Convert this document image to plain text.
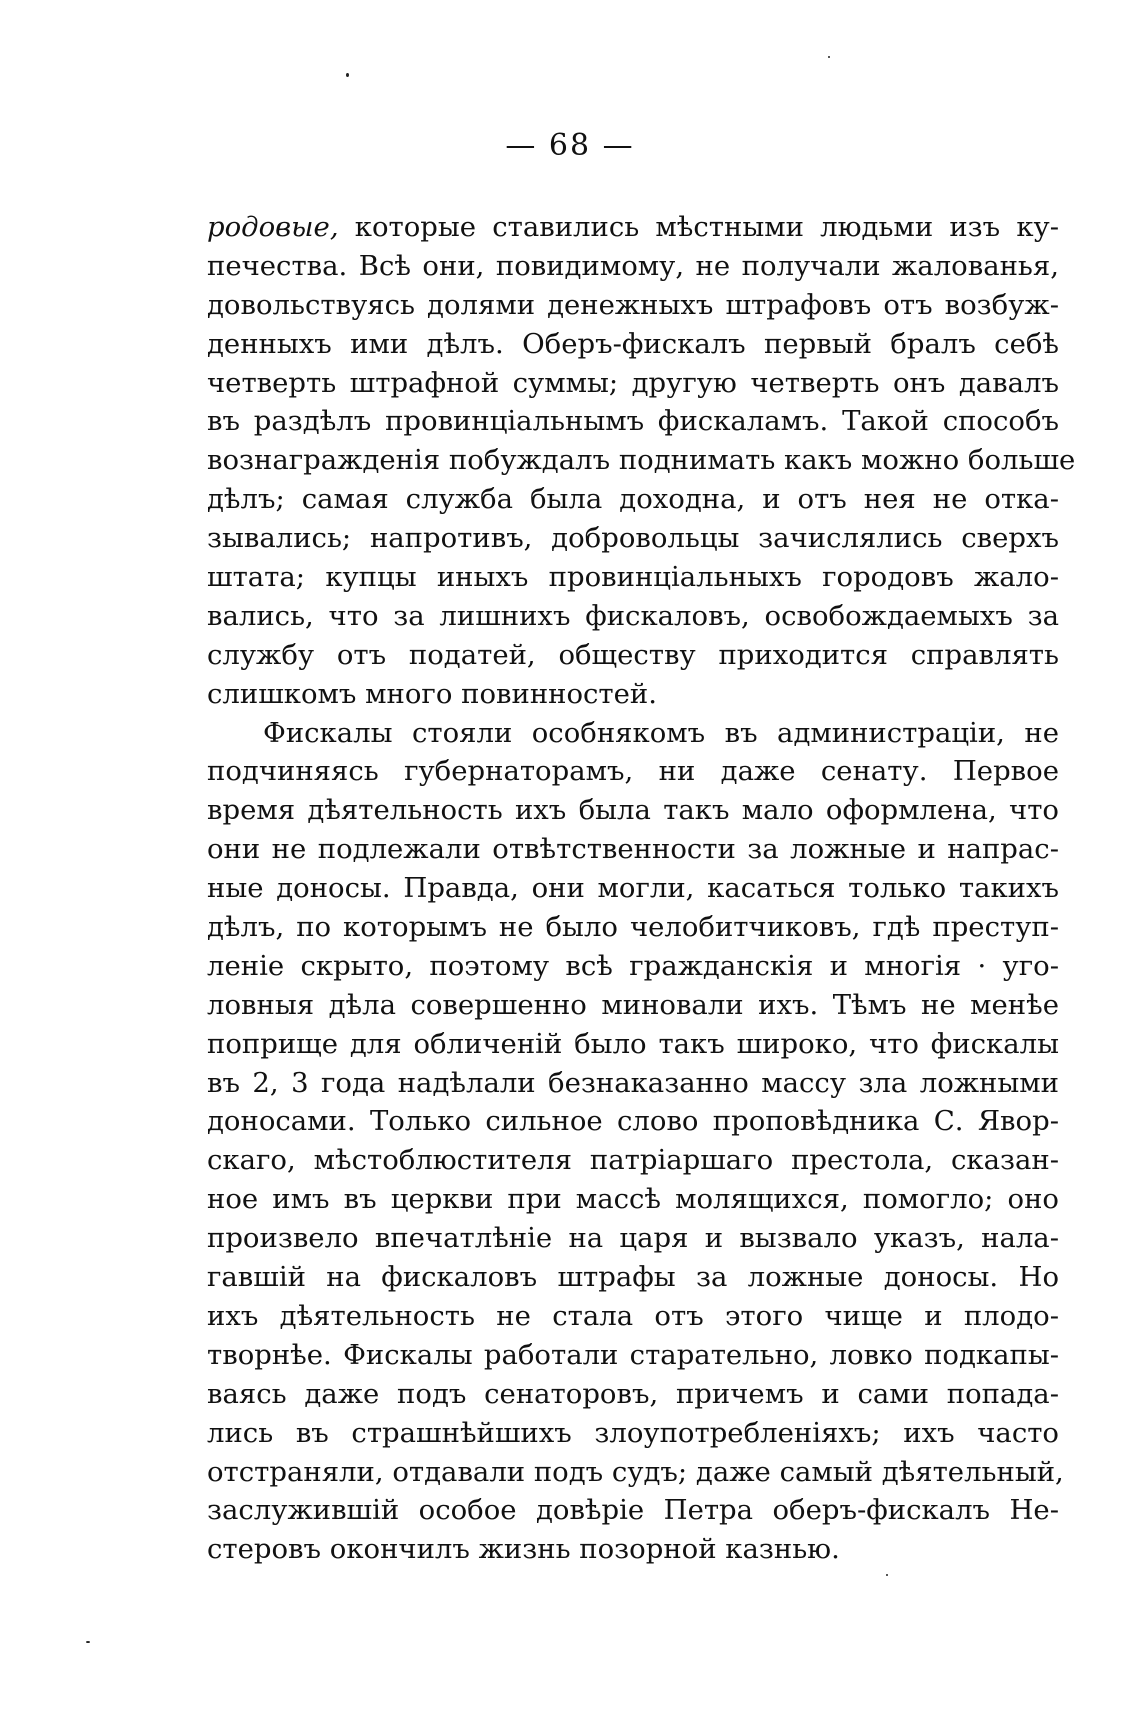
— 68 —
родовые, которые ставились мѣстными людьми изъ ку-
печества. Всѣ они, повидимому, не получали жалованья,
довольствуясь долями денежныхъ штрафовъ отъ возбуж-
денныхъ ими дѣлъ. Оберъ-фискалъ первый бралъ себѣ
четверть штрафной суммы; другую четверть онъ давалъ
въ раздѣлъ провинціальнымъ фискаламъ. Такой способъ
вознагражденія побуждалъ поднимать какъ можно больше
дѣлъ; самая служба была доходна, и отъ нея не отка-
зывались; напротивъ, добровольцы зачислялись сверхъ
штата; купцы иныхъ провинціальныхъ городовъ жало-
вались, что за лишнихъ фискаловъ, освобождаемыхъ за
службу отъ податей, обществу приходится справлять
слишкомъ много повинностей.
Фискалы стояли особнякомъ въ администраціи, не
подчиняясь губернаторамъ, ни даже сенату. Первое
время дѣятельность ихъ была такъ мало оформлена, что
они не подлежали отвѣтственности за ложные и напрас-
ные доносы. Правда, они могли, касаться только такихъ
дѣлъ, по которымъ не было челобитчиковъ, гдѣ преступ-
леніе скрыто, поэтому всѣ гражданскія и многія · уго-
ловныя дѣла совершенно миновали ихъ. Тѣмъ не менѣе
поприще для обличеній было такъ широко, что фискалы
въ 2, 3 года надѣлали безнаказанно массу зла ложными
доносами. Только сильное слово проповѣдника С. Явор-
скаго, мѣстоблюстителя патріаршаго престола, сказан-
ное имъ въ церкви при массѣ молящихся, помогло; оно
произвело впечатлѣніе на царя и вызвало указъ, нала-
гавшій на фискаловъ штрафы за ложные доносы. Но
ихъ дѣятельность не стала отъ этого чище и плодо-
творнѣе. Фискалы работали старательно, ловко подкапы-
ваясь даже подъ сенаторовъ, причемъ и сами попада-
лись въ страшнѣйшихъ злоупотребленіяхъ; ихъ часто
отстраняли, отдавали подъ судъ; даже самый дѣятельный,
заслужившій особое довѣріе Петра оберъ-фискалъ Не-
стеровъ окончилъ жизнь позорной казнью.
